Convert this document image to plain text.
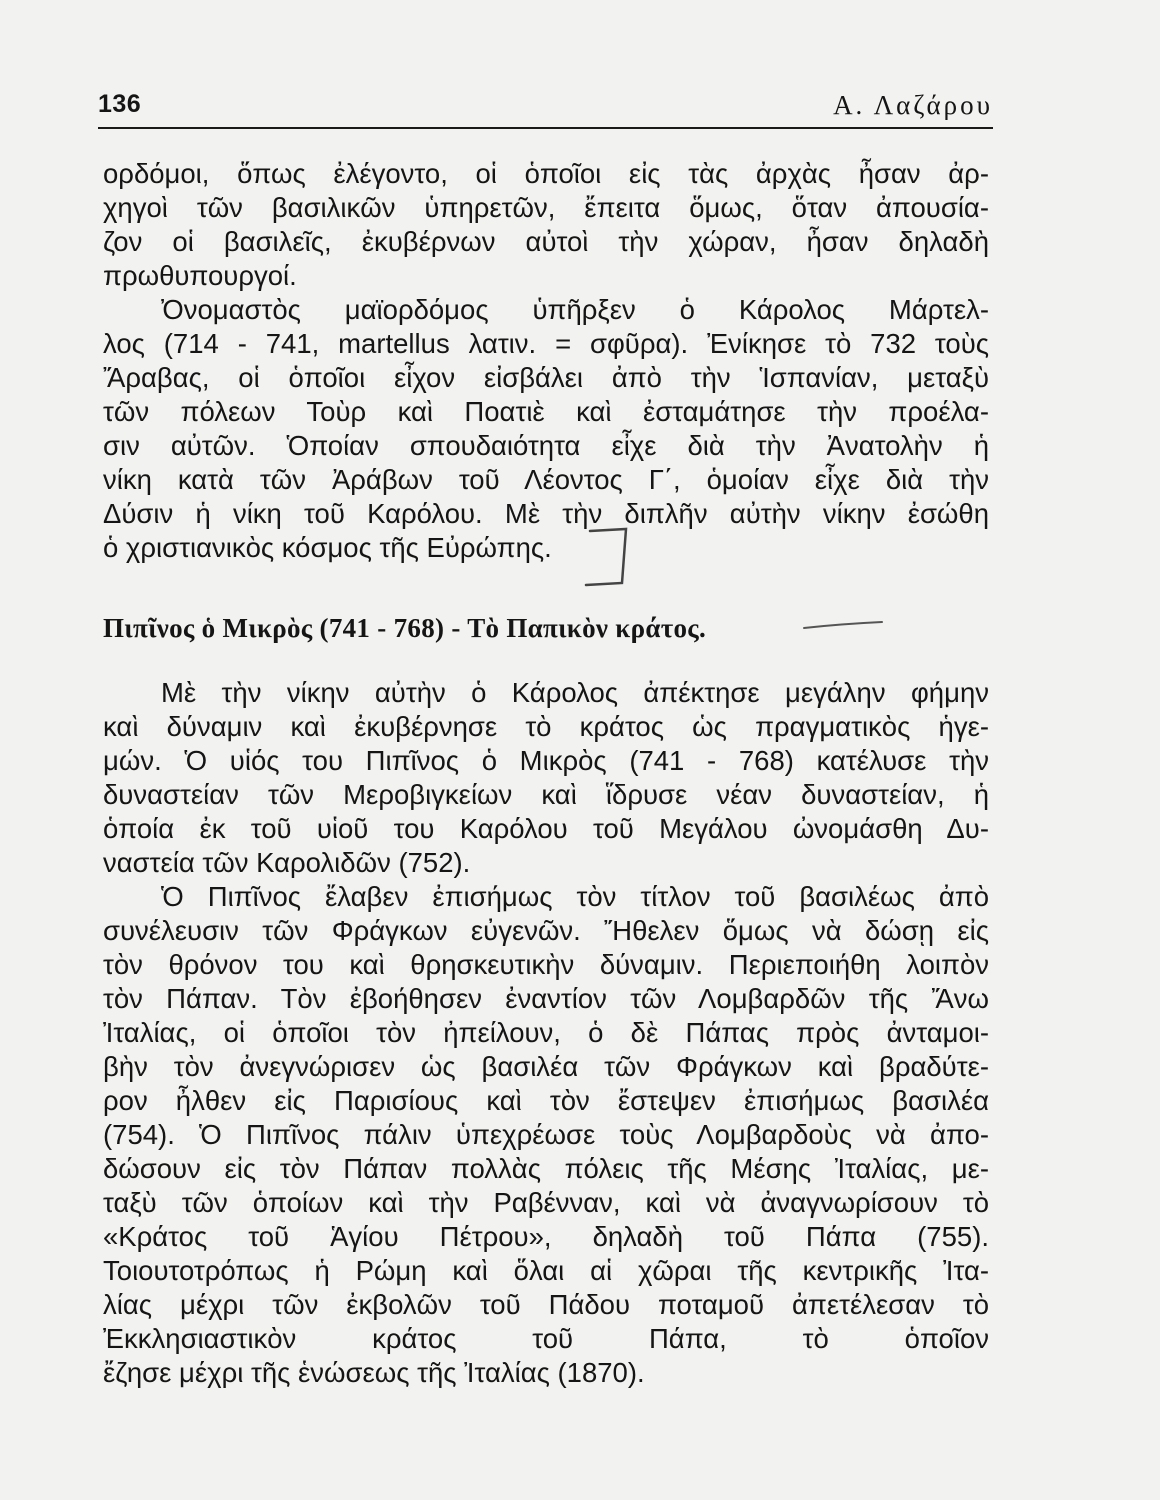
136	Α. Λαζάρου
ορδόμοι, ὅπως ἐλέγοντο, οἱ ὁποῖοι εἰς τὰς ἀρχὰς ἦσαν ἀρ-
χηγοὶ τῶν βασιλικῶν ὑπηρετῶν, ἔπειτα ὅμως, ὅταν ἀπουσία-
ζον οἱ βασιλεῖς, ἐκυβέρνων αὐτοὶ τὴν χώραν, ἦσαν δηλαδὴ
πρωθυπουργοί.
Ὀνομαστὸς μαϊορδόμος ὑπῆρξεν ὁ Κάρολος Μάρτελ-
λος (714 - 741, martellus λατιν. = σφῦρα). Ἐνίκησε τὸ 732 τοὺς
Ἄραβας, οἱ ὁποῖοι εἶχον εἰσβάλει ἀπὸ τὴν Ἱσπανίαν, μεταξὺ
τῶν πόλεων Τοὺρ καὶ Ποατιὲ καὶ ἐσταμάτησε τὴν προέλα-
σιν αὐτῶν. Ὁποίαν σπουδαιότητα εἶχε διὰ τὴν Ἀνατολὴν ἡ
νίκη κατὰ τῶν Ἀράβων τοῦ Λέοντος Γ΄, ὁμοίαν εἶχε διὰ τὴν
Δύσιν ἡ νίκη τοῦ Καρόλου. Μὲ τὴν διπλῆν αὐτὴν νίκην ἐσώθη
ὁ χριστιανικὸς κόσμος τῆς Εὐρώπης.
Πιπῖνος ὁ Μικρὸς (741 - 768) - Τὸ Παπικὸν κράτος.
Μὲ τὴν νίκην αὐτὴν ὁ Κάρολος ἀπέκτησε μεγάλην φήμην
καὶ δύναμιν καὶ ἐκυβέρνησε τὸ κράτος ὡς πραγματικὸς ἡγε-
μών. Ὁ υἱός του Πιπῖνος ὁ Μικρὸς (741 - 768) κατέλυσε τὴν
δυναστείαν τῶν Μεροβιγκείων καὶ ἵδρυσε νέαν δυναστείαν, ἡ
ὁποία ἐκ τοῦ υἱοῦ του Καρόλου τοῦ Μεγάλου ὠνομάσθη Δυ-
ναστεία τῶν Καρολιδῶν (752).
Ὁ Πιπῖνος ἔλαβεν ἐπισήμως τὸν τίτλον τοῦ βασιλέως ἀπὸ
συνέλευσιν τῶν Φράγκων εὐγενῶν. Ἤθελεν ὅμως νὰ δώσῃ εἰς
τὸν θρόνον του καὶ θρησκευτικὴν δύναμιν. Περιεποιήθη λοιπὸν
τὸν Πάπαν. Τὸν ἐβοήθησεν ἐναντίον τῶν Λομβαρδῶν τῆς Ἄνω
Ἰταλίας, οἱ ὁποῖοι τὸν ἠπείλουν, ὁ δὲ Πάπας πρὸς ἀνταμοι-
βὴν τὸν ἀνεγνώρισεν ὡς βασιλέα τῶν Φράγκων καὶ βραδύτε-
ρον ἦλθεν εἰς Παρισίους καὶ τὸν ἔστεψεν ἐπισήμως βασιλέα
(754). Ὁ Πιπῖνος πάλιν ὑπεχρέωσε τοὺς Λομβαρδοὺς νὰ ἀπο-
δώσουν εἰς τὸν Πάπαν πολλὰς πόλεις τῆς Μέσης Ἰταλίας, με-
ταξὺ τῶν ὁποίων καὶ τὴν Ραβένναν, καὶ νὰ ἀναγνωρίσουν τὸ
«Κράτος τοῦ Ἁγίου Πέτρου», δηλαδὴ τοῦ Πάπα (755).
Τοιουτοτρόπως ἡ Ρώμη καὶ ὅλαι αἱ χῶραι τῆς κεντρικῆς Ἰτα-
λίας μέχρι τῶν ἐκβολῶν τοῦ Πάδου ποταμοῦ ἀπετέλεσαν τὸ
Ἐκκλησιαστικὸν κράτος τοῦ Πάπα, τὸ ὁποῖον
ἔζησε μέχρι τῆς ἑνώσεως τῆς Ἰταλίας (1870).
